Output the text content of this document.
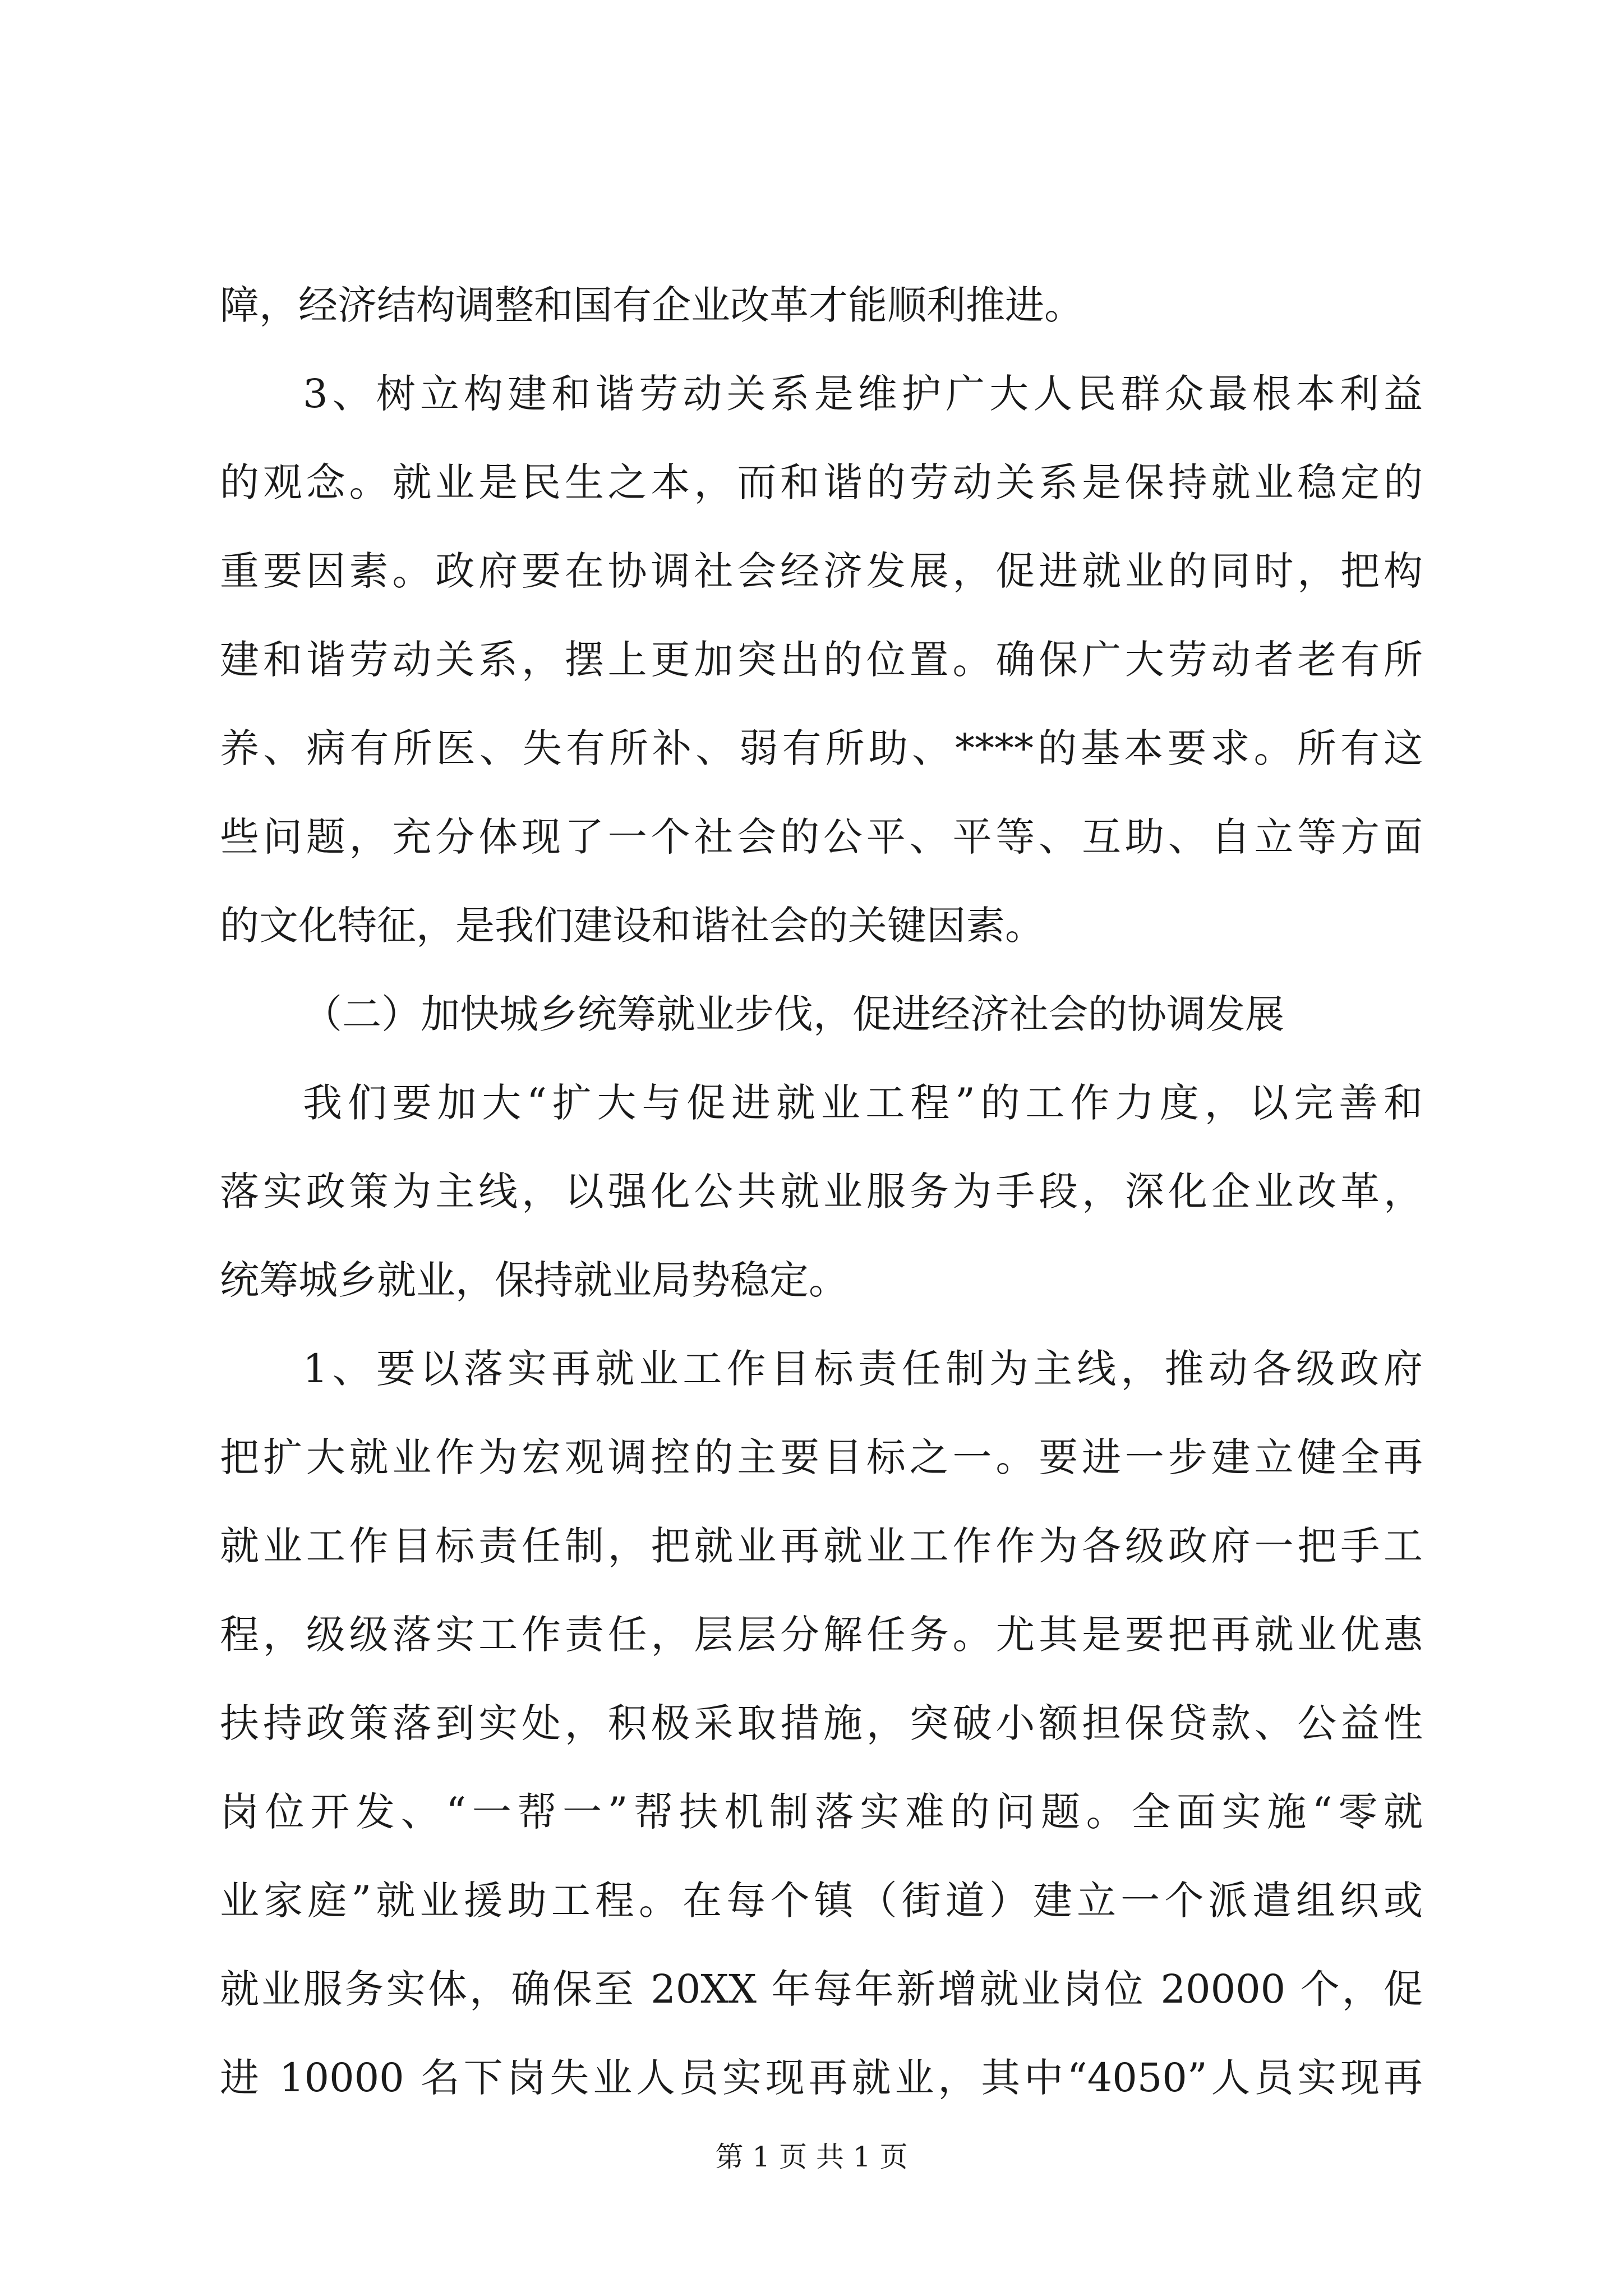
障，经济结构调整和国有企业改革才能顺利推进。
3、树立构建和谐劳动关系是维护广大人民群众最根本利益
的观念。就业是民生之本，而和谐的劳动关系是保持就业稳定的
重要因素。政府要在协调社会经济发展，促进就业的同时，把构
建和谐劳动关系，摆上更加突出的位置。确保广大劳动者老有所
养、病有所医、失有所补、弱有所助、****的基本要求。所有这
些问题，充分体现了一个社会的公平、平等、互助、自立等方面
的文化特征，是我们建设和谐社会的关键因素。
（二）加快城乡统筹就业步伐，促进经济社会的协调发展
我们要加大“扩大与促进就业工程”的工作力度，以完善和
落实政策为主线，以强化公共就业服务为手段，深化企业改革，
统筹城乡就业，保持就业局势稳定。
1、要以落实再就业工作目标责任制为主线，推动各级政府
把扩大就业作为宏观调控的主要目标之一。要进一步建立健全再
就业工作目标责任制，把就业再就业工作作为各级政府一把手工
程，级级落实工作责任，层层分解任务。尤其是要把再就业优惠
扶持政策落到实处，积极采取措施，突破小额担保贷款、公益性
岗位开发、“一帮一”帮扶机制落实难的问题。全面实施“零就
业家庭”就业援助工程。在每个镇（街道）建立一个派遣组织或
就业服务实体，确保至 20XX 年每年新增就业岗位 20000 个，促
进 10000 名下岗失业人员实现再就业，其中“4050”人员实现再
第 1 页 共 1 页
